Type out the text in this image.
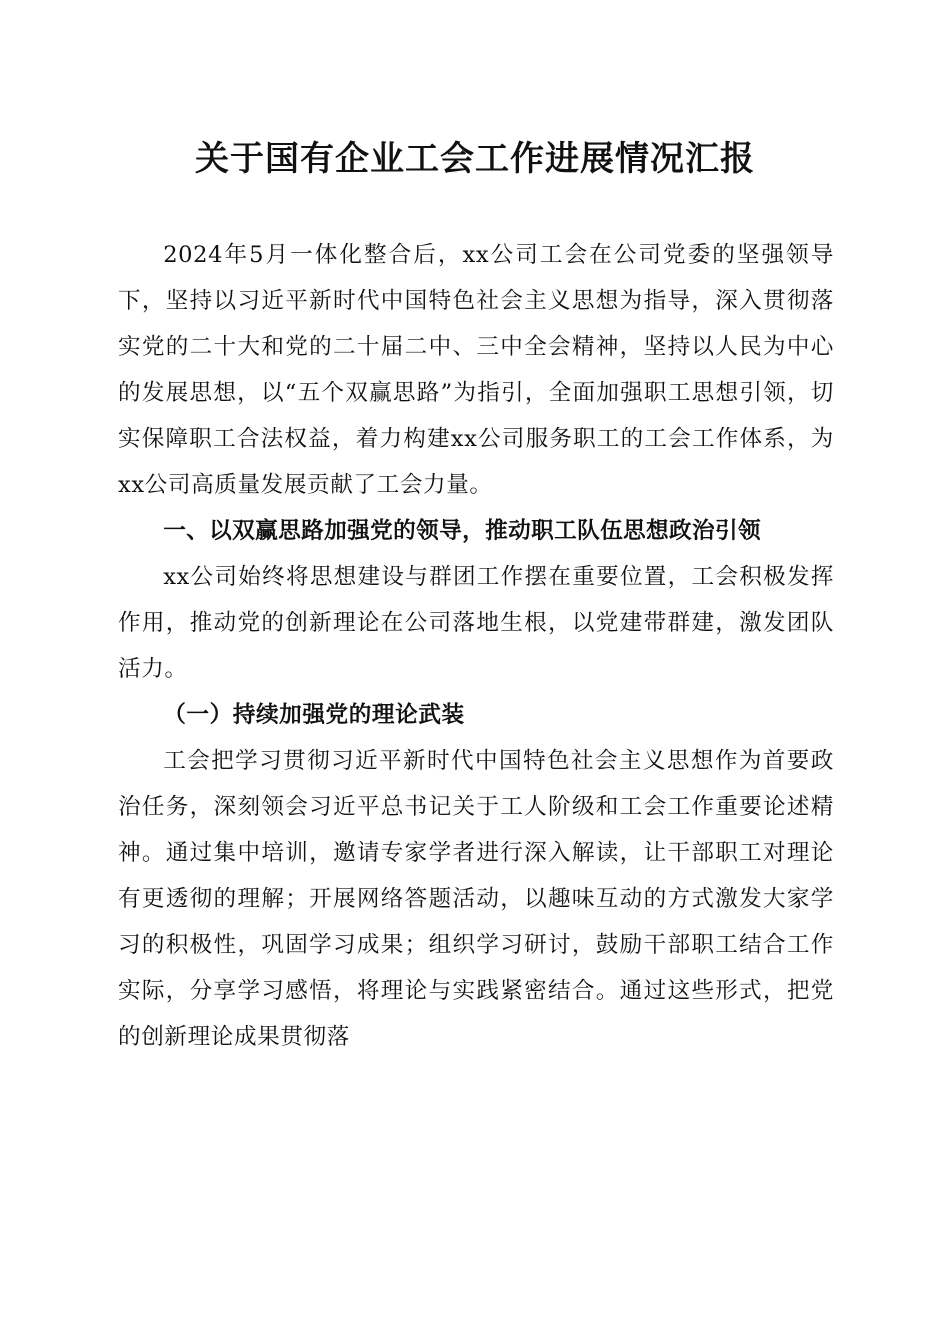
关于国有企业工会工作进展情况汇报

2024年5月一体化整合后，xx公司工会在公司党委的坚强领导下，坚持以习近平新时代中国特色社会主义思想为指导，深入贯彻落实党的二十大和党的二十届二中、三中全会精神，坚持以人民为中心的发展思想，以“五个双赢思路”为指引，全面加强职工思想引领，切实保障职工合法权益，着力构建xx公司服务职工的工会工作体系，为xx公司高质量发展贡献了工会力量。

一、以双赢思路加强党的领导，推动职工队伍思想政治引领

xx公司始终将思想建设与群团工作摆在重要位置，工会积极发挥作用，推动党的创新理论在公司落地生根，以党建带群建，激发团队活力。

（一）持续加强党的理论武装

工会把学习贯彻习近平新时代中国特色社会主义思想作为首要政治任务，深刻领会习近平总书记关于工人阶级和工会工作重要论述精神。通过集中培训，邀请专家学者进行深入解读，让干部职工对理论有更透彻的理解；开展网络答题活动，以趣味互动的方式激发大家学习的积极性，巩固学习成果；组织学习研讨，鼓励干部职工结合工作实际，分享学习感悟，将理论与实践紧密结合。通过这些形式，把党的创新理论成果贯彻落
